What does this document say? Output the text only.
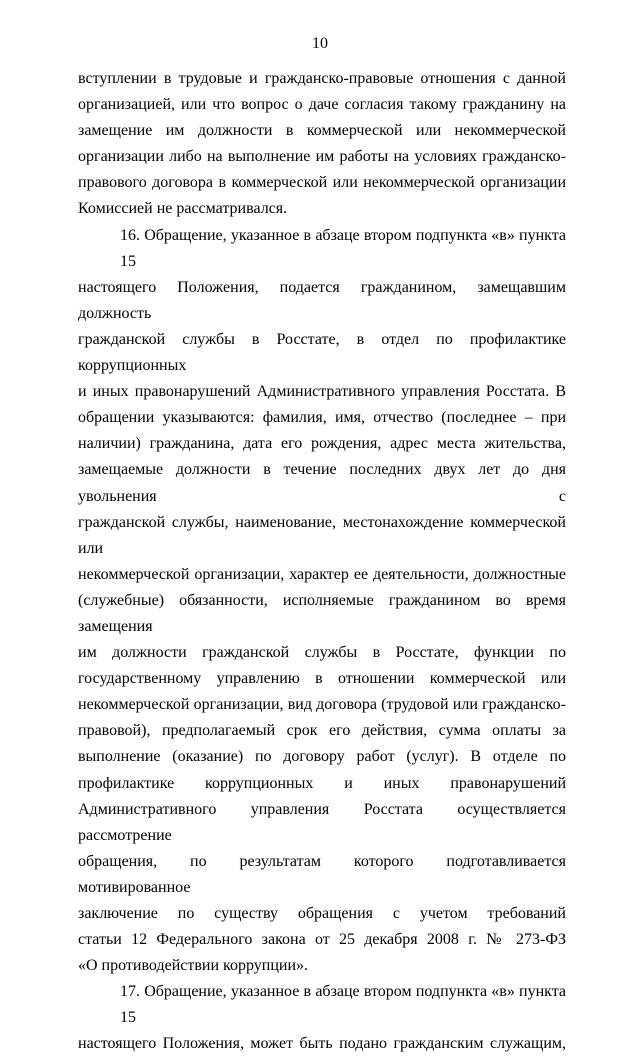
10

вступлении в трудовые и гражданско-правовые отношения с данной
организацией, или что вопрос о даче согласия такому гражданину на
замещение им должности в коммерческой или некоммерческой
организации либо на выполнение им работы на условиях гражданско-
правового договора в коммерческой или некоммерческой организации
Комиссией не рассматривался.

16. Обращение, указанное в абзаце втором подпункта «в» пункта 15
настоящего Положения, подается гражданином, замещавшим должность
гражданской службы в Росстате, в отдел по профилактике коррупционных
и иных правонарушений Административного управления Росстата. В
обращении указываются: фамилия, имя, отчество (последнее – при
наличии) гражданина, дата его рождения, адрес места жительства,
замещаемые должности в течение последних двух лет до дня увольнения с
гражданской службы, наименование, местонахождение коммерческой или
некоммерческой организации, характер ее деятельности, должностные
(служебные) обязанности, исполняемые гражданином во время замещения
им должности гражданской службы в Росстате, функции по
государственному управлению в отношении коммерческой или
некоммерческой организации, вид договора (трудовой или гражданско-
правовой), предполагаемый срок его действия, сумма оплаты за
выполнение (оказание) по договору работ (услуг). В отделе по
профилактике коррупционных и иных правонарушений
Административного управления Росстата осуществляется рассмотрение
обращения, по результатам которого подготавливается мотивированное
заключение по существу обращения с учетом требований
статьи 12 Федерального закона от 25 декабря 2008 г. № 273-ФЗ
«О противодействии коррупции».

17. Обращение, указанное в абзаце втором подпункта «в» пункта 15
настоящего Положения, может быть подано гражданским служащим,
